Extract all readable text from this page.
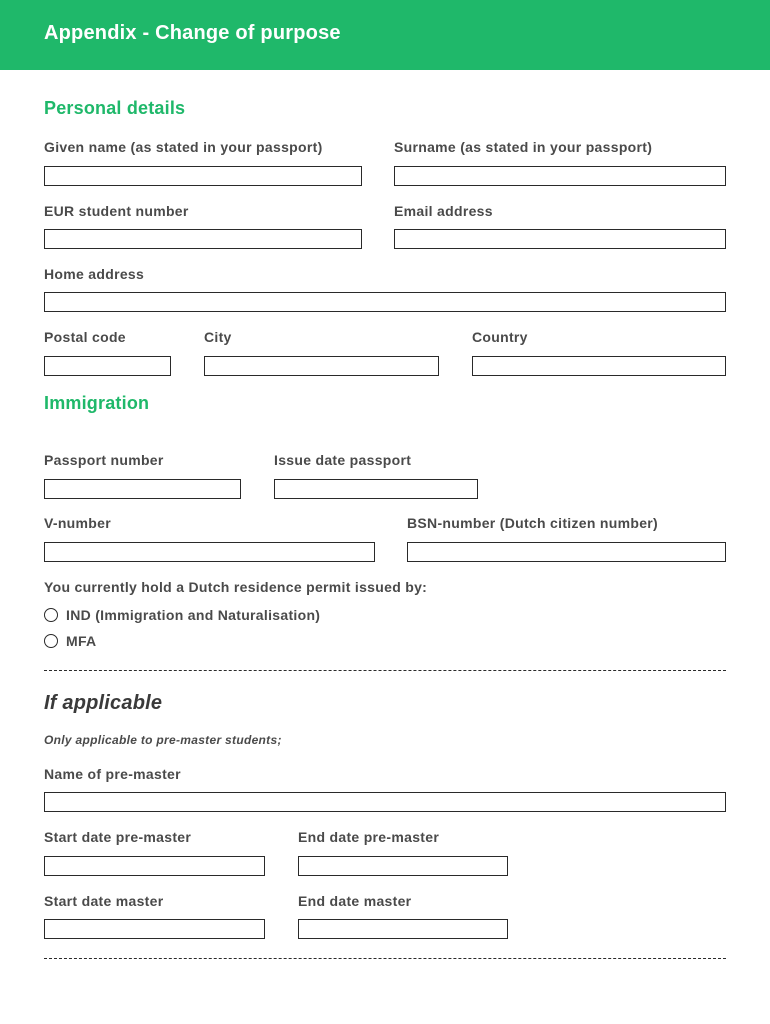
Appendix - Change of purpose
Personal details
Given name (as stated in your passport)	Surname (as stated in your passport)
EUR student number	Email address
Home address
Postal code	City	Country
Immigration
Passport number	Issue date passport
V-number	BSN-number (Dutch citizen number)
You currently hold a Dutch residence permit issued by:
IND (Immigration and Naturalisation)
MFA
If applicable
Only applicable to pre-master students;
Name of pre-master
Start date pre-master	End date pre-master
Start date master	End date master
